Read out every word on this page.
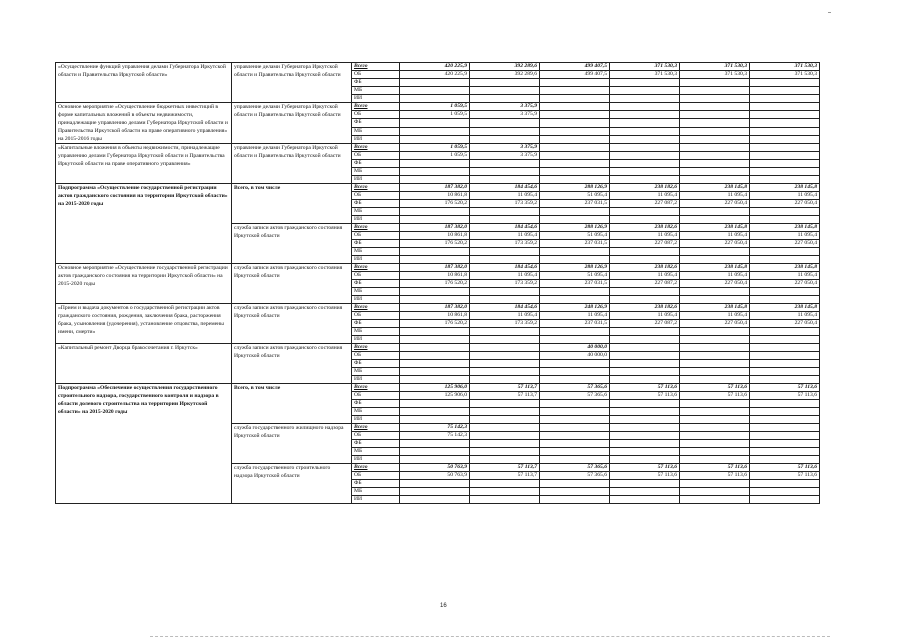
«Осуществление функций управления делами Губернатора Иркутской области и Правительства Иркутской области»	управление делами Губернатора Иркутской области и Правительства Иркутской области	Всего	420 225,9	392 289,6	499 407,5	371 530,3	371 530,3	371 530,3
		ОБ	420 225,9	392 289,6	499 407,5	371 530,3	371 530,3	371 530,3
		ФБ						
		МБ						
		ИИ						
Основное мероприятие «Осуществление бюджетных инвестиций в форме капитальных вложений в объекты недвижимости, принадлежащие управлению делами Губернатора Иркутской области и Правительства Иркутской области на праве оперативного управления» на 2015-2016 годы	управление делами Губернатора Иркутской области и Правительства Иркутской области	Всего	1 059,5	3 375,9				
		ОБ	1 059,5	3 375,9				
		ФБ						
		МБ						
		ИИ						
«Капитальные вложения в объекты недвижимости, принадлежащие управлению делами Губернатора Иркутской области и Правительства Иркутской области на праве оперативного управления»	управление делами Губернатора Иркутской области и Правительства Иркутской области	Всего	1 059,5	3 375,9				
		ОБ	1 059,5	3 375,9				
		ФБ						
		МБ						
		ИИ						
Подпрограмма «Осуществление государственной регистрации актов гражданского состояния на территории Иркутской области» на 2015-2020 годы	Всего, в том числе	Всего	187 382,0	184 454,6	288 126,9	238 182,6	238 145,8	238 145,8
		ОБ	10 861,8	11 095,4	51 095,4	11 095,4	11 095,4	11 095,4
		ФБ	176 520,2	173 359,2	237 031,5	227 087,2	227 050,4	227 050,4
		МБ						
		ИИ						
	служба записи актов гражданского состояния Иркутской области	Всего	187 382,0	184 454,6	288 126,9	238 182,6	238 145,8	238 145,8
		ОБ	10 861,8	11 095,4	51 095,4	11 095,4	11 095,4	11 095,4
		ФБ	176 520,2	173 359,2	237 031,5	227 087,2	227 050,4	227 050,4
		МБ						
		ИИ						
Основное мероприятие «Осуществление государственной регистрации актов гражданского состояния на территории Иркутской области» на 2015-2020 годы	служба записи актов гражданского состояния Иркутской области	Всего	187 382,0	184 454,6	288 126,9	238 182,6	238 145,8	238 145,8
		ОБ	10 861,8	11 095,4	51 095,4	11 095,4	11 095,4	11 095,4
		ФБ	176 520,2	173 359,2	237 031,5	227 087,2	227 050,4	227 050,4
		МБ						
		ИИ						
«Прием и выдача документов о государственной регистрации актов гражданского состояния, рождения, заключения брака, расторжения брака, усыновления (удочерения), установление отцовства, перемены имени, смерти»	служба записи актов гражданского состояния Иркутской области	Всего	187 382,0	184 454,6	248 126,9	238 182,6	238 145,8	238 145,8
		ОБ	10 861,8	11 095,4	11 095,4	11 095,4	11 095,4	11 095,4
		ФБ	176 520,2	173 359,2	237 031,5	227 087,2	227 050,4	227 050,4
		МБ						
		ИИ						
«Капитальный ремонт Дворца бракосочетания г. Иркутск»	служба записи актов гражданского состояния Иркутской области	Всего			40 000,0			
		ОБ			40 000,0			
		ФБ						
		МБ						
		ИИ						
Подпрограмма «Обеспечение осуществления государственного строительного надзора, государственного контроля и надзора в области долевого строительства на территории Иркутской области» на 2015-2020 годы	Всего, в том числе	Всего	125 906,0	57 113,7	57 365,6	57 113,6	57 113,6	57 113,6
		ОБ	125 906,0	57 113,7	57 365,6	57 113,6	57 113,6	57 113,6
		ФБ						
		МБ						
		ИИ						
	служба государственного жилищного надзора Иркутской области	Всего	75 142,3					
		ОБ	75 142,3					
		ФБ						
		МБ						
		ИИ						
	служба государственного строительного надзора Иркутской области	Всего	50 763,9	57 113,7	57 365,6	57 113,6	57 113,6	57 113,6
		ОБ	50 763,9	57 113,7	57 365,6	57 113,6	57 113,6	57 113,6
		ФБ						
		МБ						
		ИИ						
16
